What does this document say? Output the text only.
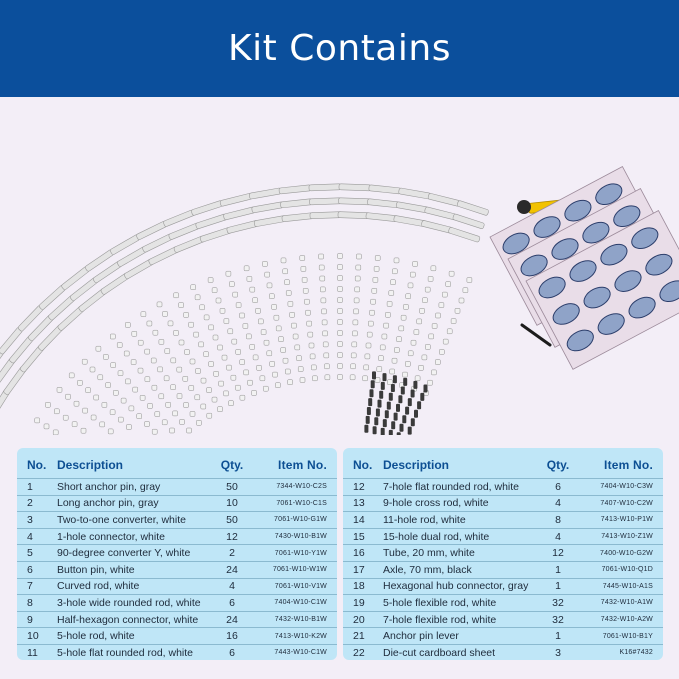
Kit Contains
No.	Description	Qty.	Item No.
1	Short anchor pin, gray	50	7344-W10-C2S
2	Long anchor pin, gray	10	7061-W10-C1S
3	Two-to-one converter, white	50	7061-W10-G1W
4	1-hole connector, white	12	7430-W10-B1W
5	90-degree converter Y, white	2	7061-W10-Y1W
6	Button pin, white	24	7061-W10-W1W
7	Curved rod, white	4	7061-W10-V1W
8	3-hole wide rounded rod, white	6	7404-W10-C1W
9	Half-hexagon connector, white	24	7432-W10-B1W
10	5-hole rod, white	16	7413-W10-K2W
11	5-hole flat rounded rod, white	6	7443-W10-C1W
No.	Description	Qty.	Item No.
12	7-hole flat rounded rod, white	6	7404-W10-C3W
13	9-hole cross rod, white	4	7407-W10-C2W
14	11-hole rod, white	8	7413-W10-P1W
15	15-hole dual rod, white	4	7413-W10-Z1W
16	Tube, 20 mm, white	12	7400-W10-G2W
17	Axle, 70 mm, black	1	7061-W10-Q1D
18	Hexagonal hub connector, gray	1	7445-W10-A1S
19	5-hole flexible rod, white	32	7432-W10-A1W
20	7-hole flexible rod, white	32	7432-W10-A2W
21	Anchor pin lever	1	7061-W10-B1Y
22	Die-cut cardboard sheet	3	K16#7432
